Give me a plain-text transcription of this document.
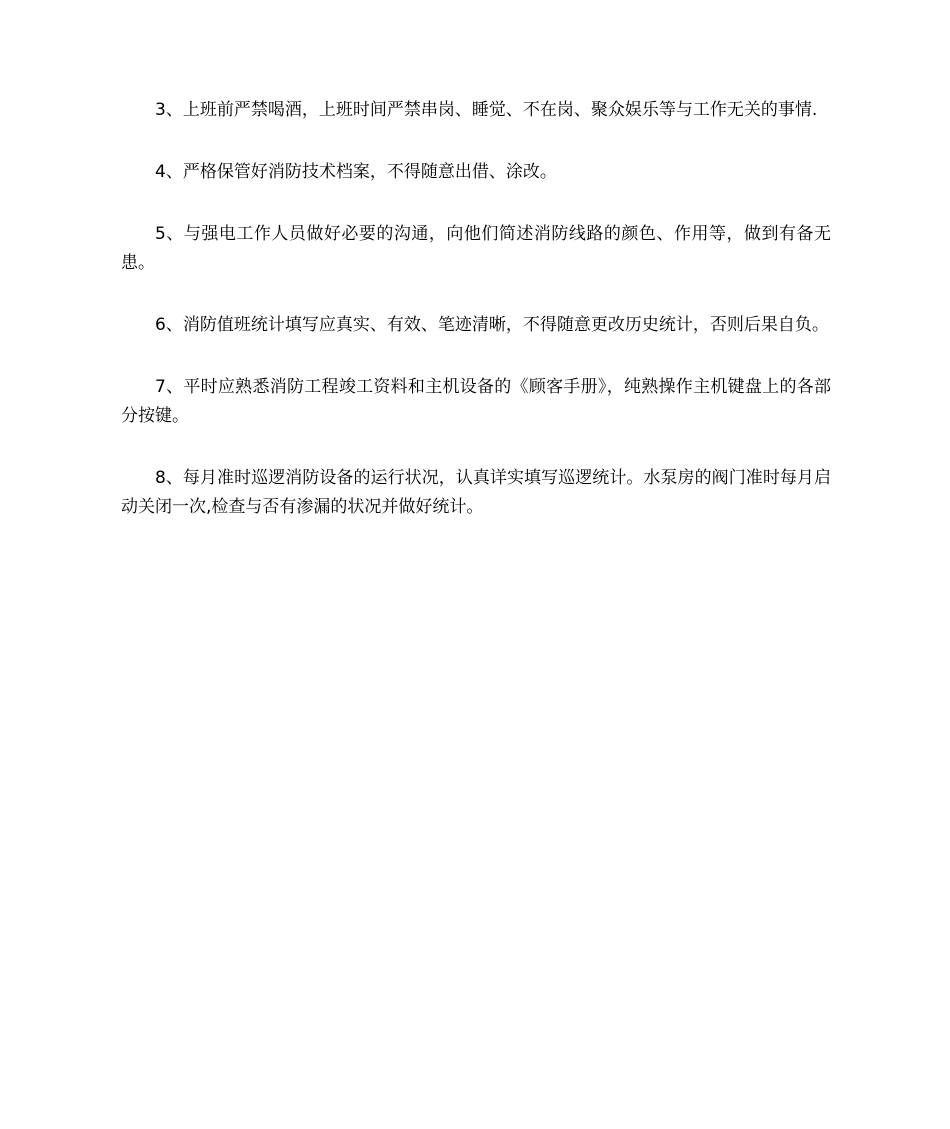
3、上班前严禁喝酒，上班时间严禁串岗、睡觉、不在岗、聚众娱乐等与工作无关的事情.

4、严格保管好消防技术档案，不得随意出借、涂改。

5、与强电工作人员做好必要的沟通，向他们简述消防线路的颜色、作用等，做到有备无患。

6、消防值班统计填写应真实、有效、笔迹清晰，不得随意更改历史统计，否则后果自负。

7、平时应熟悉消防工程竣工资料和主机设备的《顾客手册》，纯熟操作主机键盘上的各部分按键。

8、每月准时巡逻消防设备的运行状况，认真详实填写巡逻统计。水泵房的阀门准时每月启动关闭一次,检查与否有渗漏的状况并做好统计。
